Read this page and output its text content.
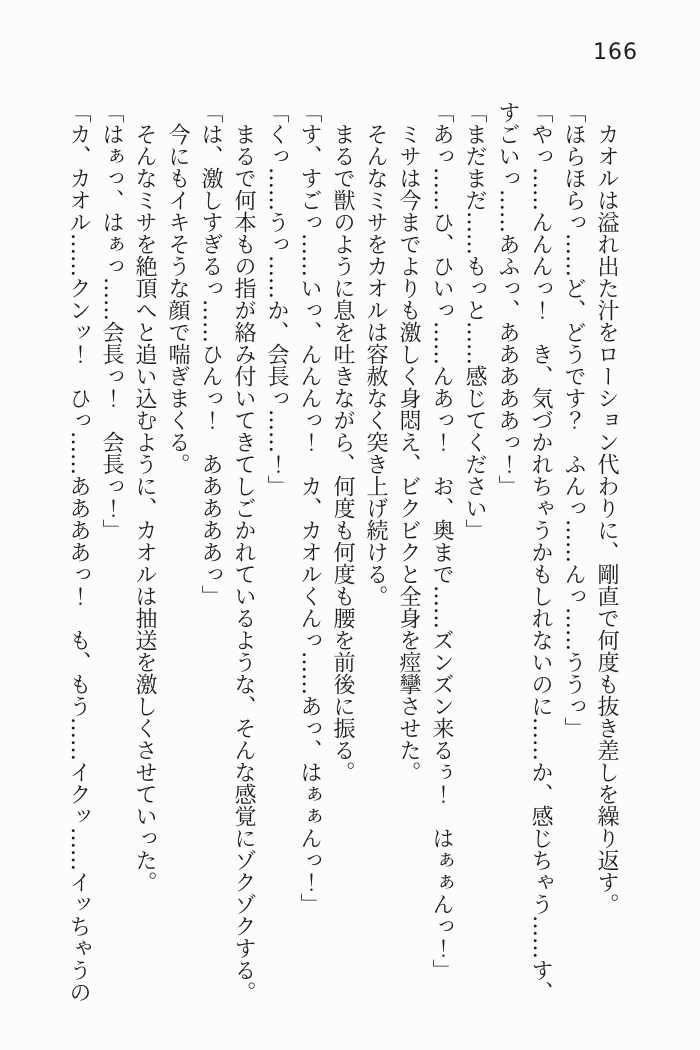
166

カオルは溢れ出た汁をローション代わりに、剛直で何度も抜き差しを繰り返す。

「ほらほらっ……ど、どうです？　ふんっ……んっ……ううっ」

「やっ……んんんっ！　き、気づかれちゃうかもしれないのに……か、感じちゃう……す、すごいっ……あふっ、あああああっ！」

「まだまだ……もっと……感じてください」

「あっ……ひ、ひいっ……んあっ！　お、奥まで……ズンズン来るぅ！　はぁぁんっ！」

ミサは今までよりも激しく身悶え、ビクビクと全身を痙攣させた。

そんなミサをカオルは容赦なく突き上げ続ける。

まるで獣のように息を吐きながら、何度も何度も腰を前後に振る。

「す、すごっ……いっ、んんんっ！　カ、カオルくんっ……あっ、はぁぁんっ！」

「くっ……うっ……か、会長っ……！」

まるで何本もの指が絡み付いてきてしごかれているような、そんな感覚にゾクゾクする。

「は、激しすぎるっ……ひんっ！　あああああっ」

今にもイキそうな顔で喘ぎまくる。

そんなミサを絶頂へと追い込むように、カオルは抽送を激しくさせていった。

「はぁっ、はぁっ……会長っ！　会長っ！」

「カ、カオル……クンッ！　ひっ……ああああっ！　も、もう……イクッ……イッちゃうの
